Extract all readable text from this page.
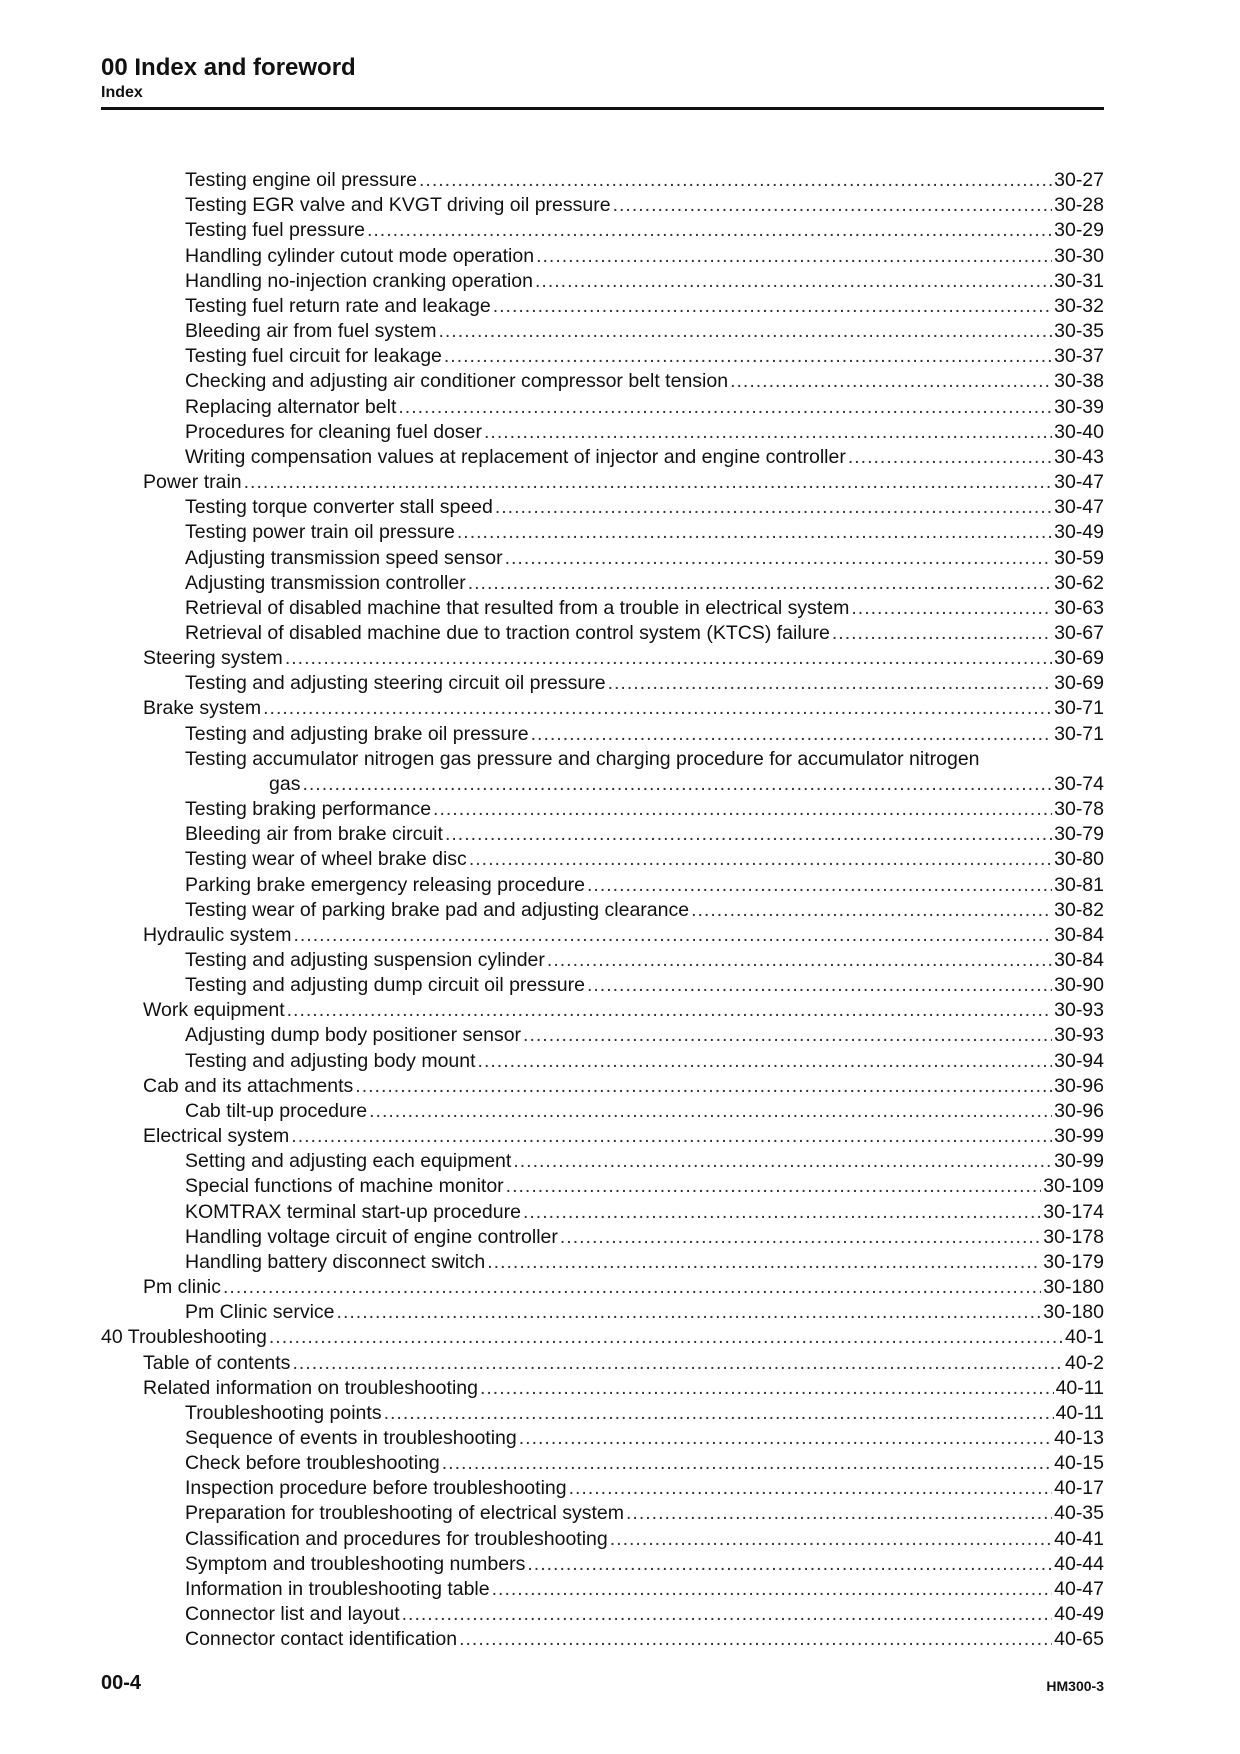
00 Index and foreword
Index
Testing engine oil pressure .....	30-27
Testing EGR valve and KVGT driving oil pressure .....	30-28
Testing fuel pressure .....	30-29
Handling cylinder cutout mode operation .....	30-30
Handling no-injection cranking operation .....	30-31
Testing fuel return rate and leakage .....	30-32
Bleeding air from fuel system .....	30-35
Testing fuel circuit for leakage .....	30-37
Checking and adjusting air conditioner compressor belt tension .....	30-38
Replacing alternator belt .....	30-39
Procedures for cleaning fuel doser .....	30-40
Writing compensation values at replacement of injector and engine controller .....	30-43
Power train .....	30-47
Testing torque converter stall speed .....	30-47
Testing power train oil pressure .....	30-49
Adjusting transmission speed sensor .....	30-59
Adjusting transmission controller .....	30-62
Retrieval of disabled machine that resulted from a trouble in electrical system .....	30-63
Retrieval of disabled machine due to traction control system (KTCS) failure .....	30-67
Steering system .....	30-69
Testing and adjusting steering circuit oil pressure .....	30-69
Brake system .....	30-71
Testing and adjusting brake oil pressure .....	30-71
Testing accumulator nitrogen gas pressure and charging procedure for accumulator nitrogen
gas .....	30-74
Testing braking performance .....	30-78
Bleeding air from brake circuit .....	30-79
Testing wear of wheel brake disc .....	30-80
Parking brake emergency releasing procedure .....	30-81
Testing wear of parking brake pad and adjusting clearance .....	30-82
Hydraulic system .....	30-84
Testing and adjusting suspension cylinder .....	30-84
Testing and adjusting dump circuit oil pressure .....	30-90
Work equipment .....	30-93
Adjusting dump body positioner sensor .....	30-93
Testing and adjusting body mount .....	30-94
Cab and its attachments .....	30-96
Cab tilt-up procedure .....	30-96
Electrical system .....	30-99
Setting and adjusting each equipment .....	30-99
Special functions of machine monitor .....	30-109
KOMTRAX terminal start-up procedure .....	30-174
Handling voltage circuit of engine controller .....	30-178
Handling battery disconnect switch .....	30-179
Pm clinic .....	30-180
Pm Clinic service .....	30-180
40 Troubleshooting .....	40-1
Table of contents .....	40-2
Related information on troubleshooting .....	40-11
Troubleshooting points .....	40-11
Sequence of events in troubleshooting .....	40-13
Check before troubleshooting .....	40-15
Inspection procedure before troubleshooting .....	40-17
Preparation for troubleshooting of electrical system .....	40-35
Classification and procedures for troubleshooting .....	40-41
Symptom and troubleshooting numbers .....	40-44
Information in troubleshooting table .....	40-47
Connector list and layout .....	40-49
Connector contact identification .....	40-65
00-4	HM300-3
